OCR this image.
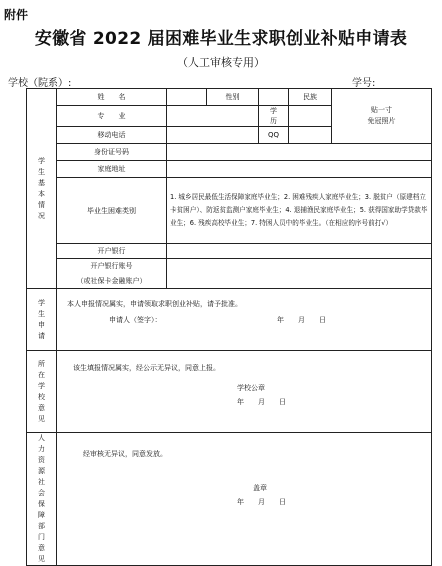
附件
安徽省 2022 届困难毕业生求职创业补贴申请表
（人工审核专用）
学校（院系）:	学号:
学生基本情况	姓　　名		性别		民族	贴一寸
免冠照片

	专　　业			学　　历		
	移动电话			QQ		
	身份证号码					
	家庭地址					
	毕业生困难类别	1. 城乡居民最低生活保障家庭毕业生；2. 困难残疾人家庭毕业生；3. 脱贫户（原建档立卡贫困户）、防返贫监测户家庭毕业生；4. 退捕渔民家庭毕业生；5. 获得国家助学贷款毕业生；6. 残疾高校毕业生；7. 特困人员中的毕业生。（在相应的序号前打√）				
	开户银行					
	开户银行账号					
	（或社保卡金融账户）					
学生申请	本人申报情况属实，申请领取求职创业补贴，请予批准。
申请人（签字）： 年　　月　　日					

所在学校意见	该生填报情况属实，经公示无异议，同意上报。
学校公章
年　　月　　日					

人力资源社会保障部门意见	经审核无异议，同意发放。
盖章
年　　月　　日					
